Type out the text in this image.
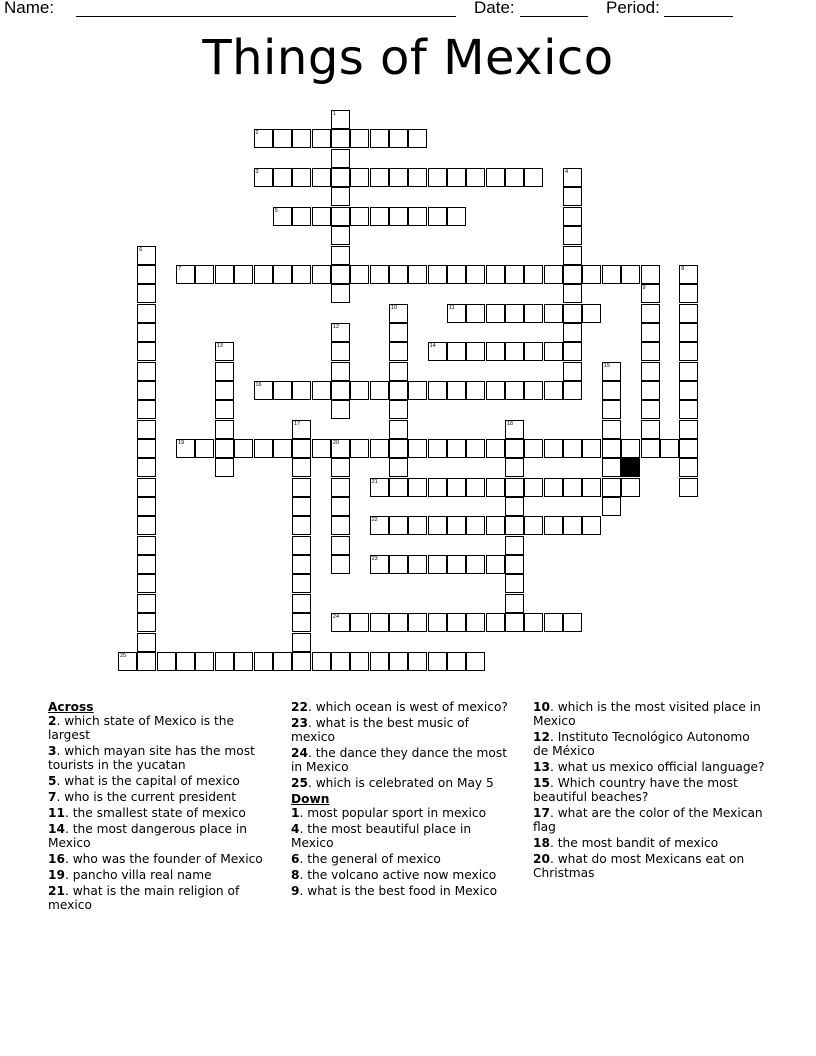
Name:	Date:	Period:
Things of Mexico
1
2
3	4
5
6
7	8
9
10	11
12
13	14
15
16
17	18
19	20
21
22
23
24
25

Across

2. which state of Mexico is the largest

3. which mayan site has the most tourists in the yucatan

5. what is the capital of mexico

7. who is the current president

11. the smallest state of mexico

14. the most dangerous place in Mexico

16. who was the founder of Mexico

19. pancho villa real name

21. what is the main religion of mexico

22. which ocean is west of mexico?

23. what is the best music of mexico

24. the dance they dance the most in Mexico

25. which is celebrated on May 5

Down

1. most popular sport in mexico

4. the most beautiful place in Mexico

6. the general of mexico

8. the volcano active now mexico

9. what is the best food in Mexico

10. which is the most visited place in Mexico

12. Instituto Tecnológico Autonomo de México

13. what us mexico official language?

15. Which country have the most beautiful beaches?

17. what are the color of the Mexican flag

18. the most bandit of mexico

20. what do most Mexicans eat on Christmas
